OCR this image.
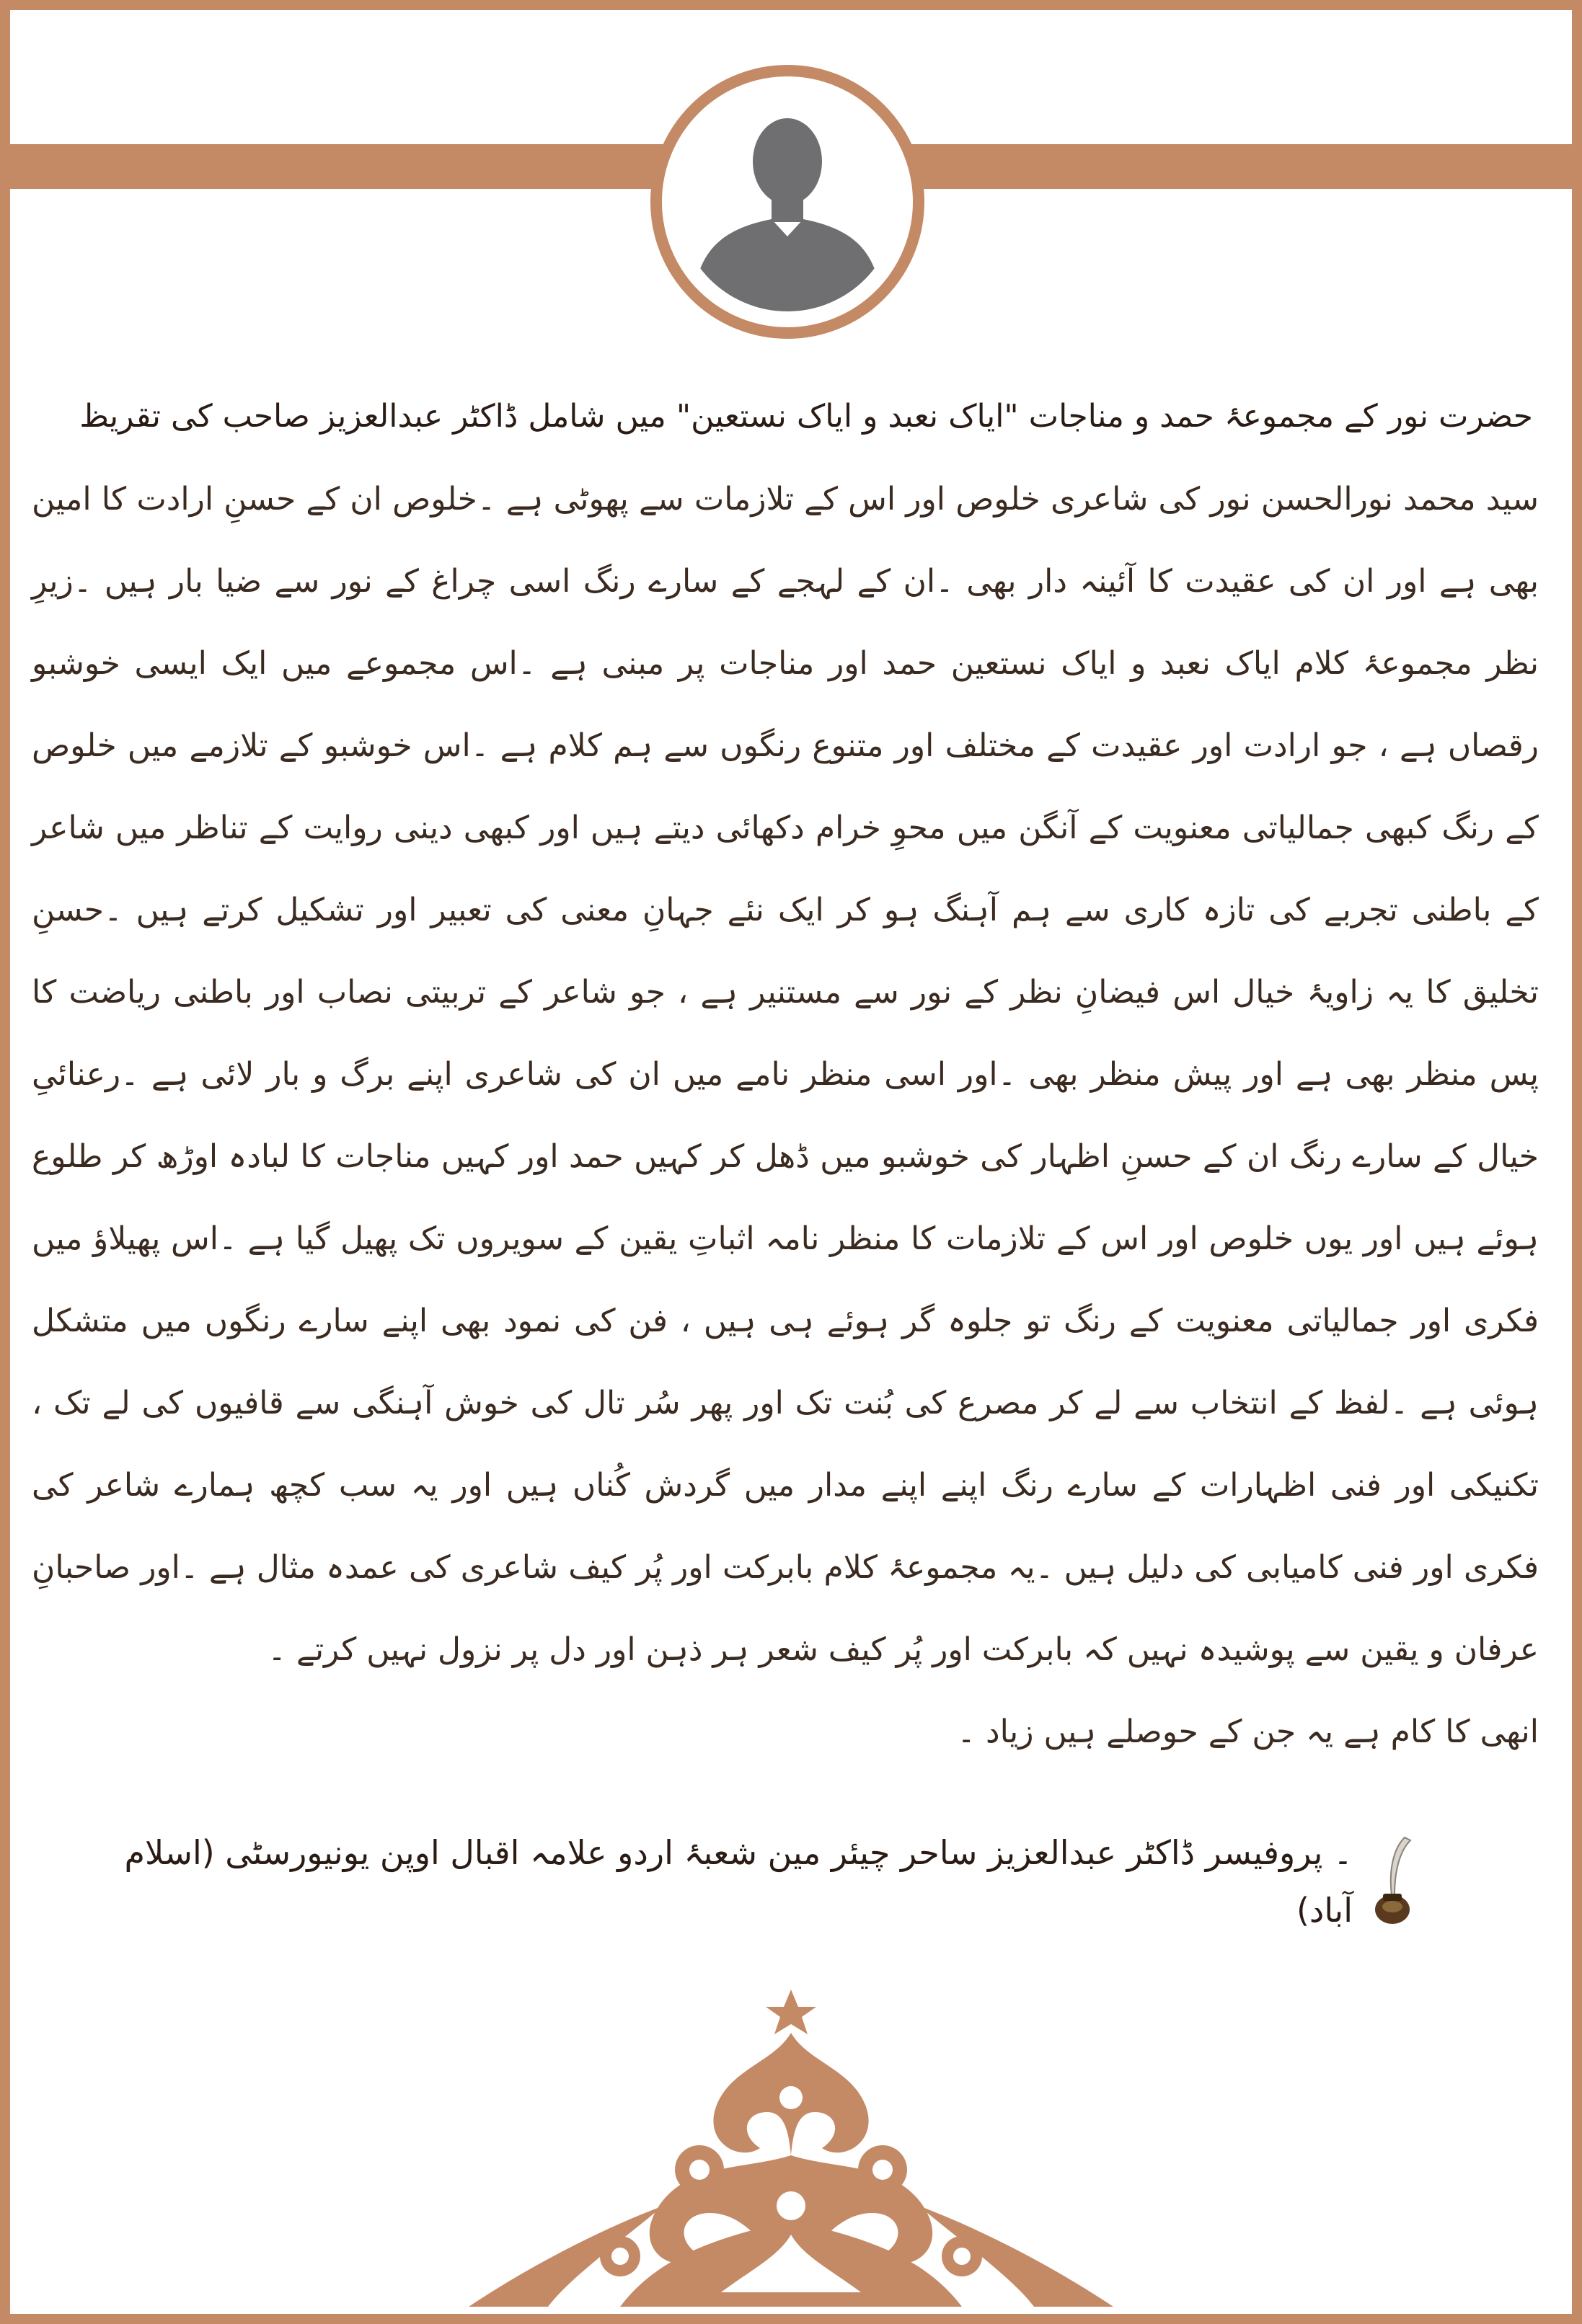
حضرت نور کے مجموعۂ حمد و مناجات "ایاک نعبد و ایاک نستعین" میں شامل ڈاکٹر عبدالعزیز صاحب کی تقریظ
سید محمد نورالحسن نور کی شاعری خلوص اور اس کے تلازمات سے پھوٹی ہے ۔خلوص ان کے حسنِ ارادت کا امین بھی ہے اور ان کی عقیدت کا آئینہ دار بھی ۔ان کے لہجے کے سارے رنگ اسی چراغ کے نور سے ضیا بار ہیں ۔زیرِ نظر مجموعۂ کلام ایاک نعبد و ایاک نستعین حمد اور مناجات پر مبنی ہے ۔اس مجموعے میں ایک ایسی خوشبو رقصاں ہے ، جو ارادت اور عقیدت کے مختلف اور متنوع رنگوں سے ہم کلام ہے ۔اس خوشبو کے تلازمے میں خلوص کے رنگ کبھی جمالیاتی معنویت کے آنگن میں محوِ خرام دکھائی دیتے ہیں اور کبھی دینی روایت کے تناظر میں شاعر کے باطنی تجربے کی تازہ کاری سے ہم آہنگ ہو کر ایک نئے جہانِ معنی کی تعبیر اور تشکیل کرتے ہیں ۔حسنِ تخلیق کا یہ زاویۂ خیال اس فیضانِ نظر کے نور سے مستنیر ہے ، جو شاعر کے تربیتی نصاب اور باطنی ریاضت کا پس منظر بھی ہے اور پیش منظر بھی ۔اور اسی منظر نامے میں ان کی شاعری اپنے برگ و بار لائی ہے ۔رعنائیِ خیال کے سارے رنگ ان کے حسنِ اظہار کی خوشبو میں ڈھل کر کہیں حمد اور کہیں مناجات کا لبادہ اوڑھ کر طلوع ہوئے ہیں اور یوں خلوص اور اس کے تلازمات کا منظر نامہ اثباتِ یقین کے سویروں تک پھیل گیا ہے ۔اس پھیلاؤ میں فکری اور جمالیاتی معنویت کے رنگ تو جلوہ گر ہوئے ہی ہیں ، فن کی نمود بھی اپنے سارے رنگوں میں متشکل ہوئی ہے ۔لفظ کے انتخاب سے لے کر مصرع کی بُنت تک اور پھر سُر تال کی خوش آہنگی سے قافیوں کی لے تک ، تکنیکی اور فنی اظہارات کے سارے رنگ اپنے اپنے مدار میں گردش کُناں ہیں اور یہ سب کچھ ہمارے شاعر کی فکری اور فنی کامیابی کی دلیل ہیں ۔یہ مجموعۂ کلام بابرکت اور پُر کیف شاعری کی عمدہ مثال ہے ۔اور صاحبانِ عرفان و یقین سے پوشیدہ نہیں کہ بابرکت اور پُر کیف شعر ہر ذہن اور دل پر نزول نہیں کرتے ۔
انھی کا کام ہے یہ جن کے حوصلے ہیں زیاد ۔
۔ پروفیسر ڈاکٹر عبدالعزیز ساحر چیئر مین شعبۂ اردو علامہ اقبال اوپن یونیورسٹی (اسلام آباد)
